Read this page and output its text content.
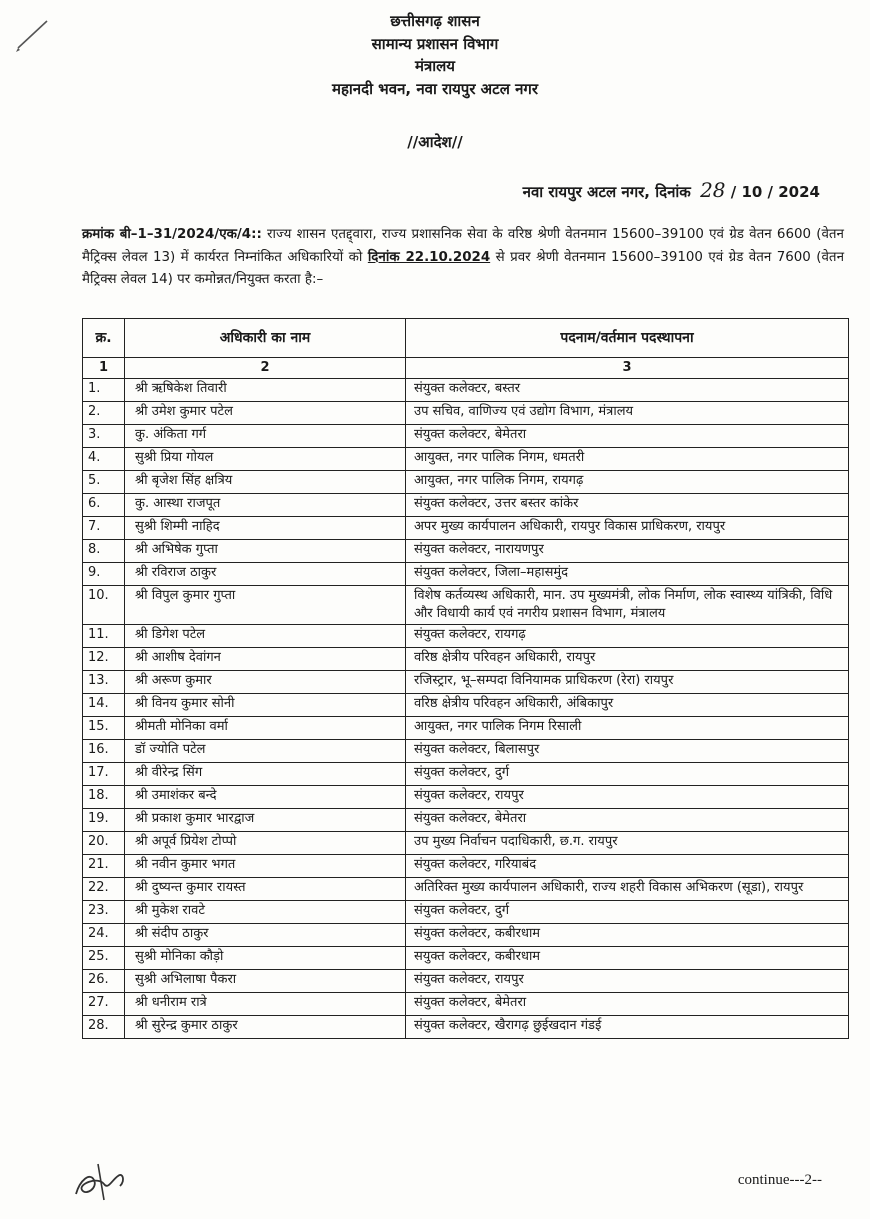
छत्तीसगढ़ शासन
सामान्य प्रशासन विभाग
मंत्रालय
महानदी भवन, नवा रायपुर अटल नगर
//आदेश//
नवा रायपुर अटल नगर, दिनांक 28 / 10 / 2024
क्रमांक बी–1–31/2024/एक/4:: राज्य शासन एतद्द्वारा, राज्य प्रशासनिक सेवा के वरिष्ठ श्रेणी वेतनमान 15600–39100 एवं ग्रेड वेतन 6600 (वेतन मैट्रिक्स लेवल 13) में कार्यरत निम्नांकित अधिकारियों को दिनांक 22.10.2024 से प्रवर श्रेणी वेतनमान 15600–39100 एवं ग्रेड वेतन 7600 (वेतन मैट्रिक्स लेवल 14) पर कमोन्नत/नियुक्त करता है:–
क्र.	अधिकारी का नाम	पदनाम/वर्तमान पदस्थापना
1	2	3
1.	श्री ऋषिकेश तिवारी	संयुक्त कलेक्टर, बस्तर
2.	श्री उमेश कुमार पटेल	उप सचिव, वाणिज्य एवं उद्योग विभाग, मंत्रालय
3.	कु. अंकिता गर्ग	संयुक्त कलेक्टर, बेमेतरा
4.	सुश्री प्रिया गोयल	आयुक्त, नगर पालिक निगम, धमतरी
5.	श्री बृजेश सिंह क्षत्रिय	आयुक्त, नगर पालिक निगम, रायगढ़
6.	कु. आस्था राजपूत	संयुक्त कलेक्टर, उत्तर बस्तर कांकेर
7.	सुश्री शिम्मी नाहिद	अपर मुख्य कार्यपालन अधिकारी, रायपुर विकास प्राधिकरण, रायपुर
8.	श्री अभिषेक गुप्ता	संयुक्त कलेक्टर, नारायणपुर
9.	श्री रविराज ठाकुर	संयुक्त कलेक्टर, जिला–महासमुंद
10.	श्री विपुल कुमार गुप्ता	विशेष कर्तव्यस्थ अधिकारी, मान. उप मुख्यमंत्री, लोक निर्माण, लोक स्वास्थ्य यांत्रिकी, विधि और विधायी कार्य एवं नगरीय प्रशासन विभाग, मंत्रालय
11.	श्री डिगेश पटेल	संयुक्त कलेक्टर, रायगढ़
12.	श्री आशीष देवांगन	वरिष्ठ क्षेत्रीय परिवहन अधिकारी, रायपुर
13.	श्री अरूण कुमार	रजिस्ट्रार, भू–सम्पदा विनियामक प्राधिकरण (रेरा) रायपुर
14.	श्री विनय कुमार सोनी	वरिष्ठ क्षेत्रीय परिवहन अधिकारी, अंबिकापुर
15.	श्रीमती मोनिका वर्मा	आयुक्त, नगर पालिक निगम रिसाली
16.	डॉ ज्योति पटेल	संयुक्त कलेक्टर, बिलासपुर
17.	श्री वीरेन्द्र सिंग	संयुक्त कलेक्टर, दुर्ग
18.	श्री उमाशंकर बन्दे	संयुक्त कलेक्टर, रायपुर
19.	श्री प्रकाश कुमार भारद्वाज	संयुक्त कलेक्टर, बेमेतरा
20.	श्री अपूर्व प्रियेश टोप्पो	उप मुख्य निर्वाचन पदाधिकारी, छ.ग. रायपुर
21.	श्री नवीन कुमार भगत	संयुक्त कलेक्टर, गरियाबंद
22.	श्री दुष्यन्त कुमार रायस्त	अतिरिक्त मुख्य कार्यपालन अधिकारी, राज्य शहरी विकास अभिकरण (सूडा), रायपुर
23.	श्री मुकेश रावटे	संयुक्त कलेक्टर, दुर्ग
24.	श्री संदीप ठाकुर	संयुक्त कलेक्टर, कबीरधाम
25.	सुश्री मोनिका कौड़ो	सयुक्त कलेक्टर, कबीरधाम
26.	सुश्री अभिलाषा पैकरा	संयुक्त कलेक्टर, रायपुर
27.	श्री धनीराम रात्रे	संयुक्त कलेक्टर, बेमेतरा
28.	श्री सुरेन्द्र कुमार ठाकुर	संयुक्त कलेक्टर, खैरागढ़ छुईखदान गंडई
continue---2--
